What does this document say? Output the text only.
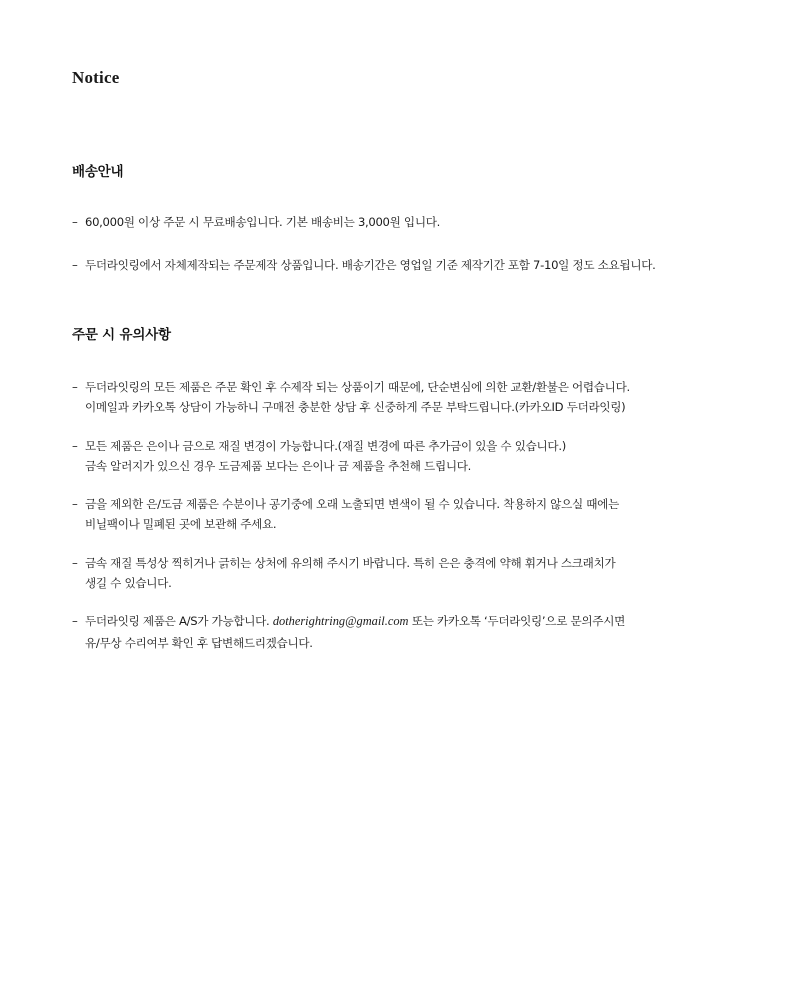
Notice
배송안내
– 60,000원 이상 주문 시 무료배송입니다. 기본 배송비는 3,000원 입니다.
– 두더라잇링에서 자체제작되는 주문제작 상품입니다. 배송기간은 영업일 기준 제작기간 포함 7-10일 정도 소요됩니다.
주문 시 유의사항
– 두더라잇링의 모든 제품은 주문 확인 후 수제작 되는 상품이기 때문에, 단순변심에 의한 교환/환불은 어렵습니다.
이메일과 카카오톡 상담이 가능하니 구매전 충분한 상담 후 신중하게 주문 부탁드립니다.(카카오ID 두더라잇링)
– 모든 제품은 은이나 금으로 재질 변경이 가능합니다.(재질 변경에 따른 추가금이 있을 수 있습니다.)
금속 알러지가 있으신 경우 도금제품 보다는 은이나 금 제품을 추천해 드립니다.
– 금을 제외한 은/도금 제품은 수분이나 공기중에 오래 노출되면 변색이 될 수 있습니다. 착용하지 않으실 때에는
비닐팩이나 밀폐된 곳에 보관해 주세요.
– 금속 재질 특성상 찍히거나 긁히는 상처에 유의해 주시기 바랍니다. 특히 은은 충격에 약해 휘거나 스크래치가
생길 수 있습니다.
– 두더라잇링 제품은 A/S가 가능합니다. dotherightring@gmail.com 또는 카카오톡 ‘두더라잇링’으로 문의주시면
유/무상 수리여부 확인 후 답변해드리겠습니다.
